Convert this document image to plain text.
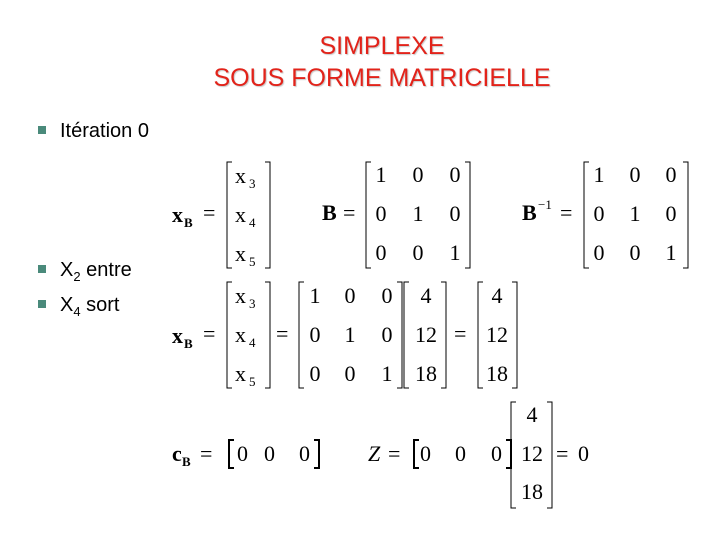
SIMPLEXE
SOUS FORME MATRICIELLE
Itération 0
$X_2$ entre
$X_4$ sort
x B =
x 3
x 4
x 5
B =
1 0 0
0 1 0
0 0 1
B −1 =
1 0 0
0 1 0
0 0 1
x B =
x 3
x 4
x 5
=
1 0 0
0 1 0
0 0 1
4
12
18
=
4
12
18
c B = 0 0 0	Z = 0 0 0
4
12
18
= 0
